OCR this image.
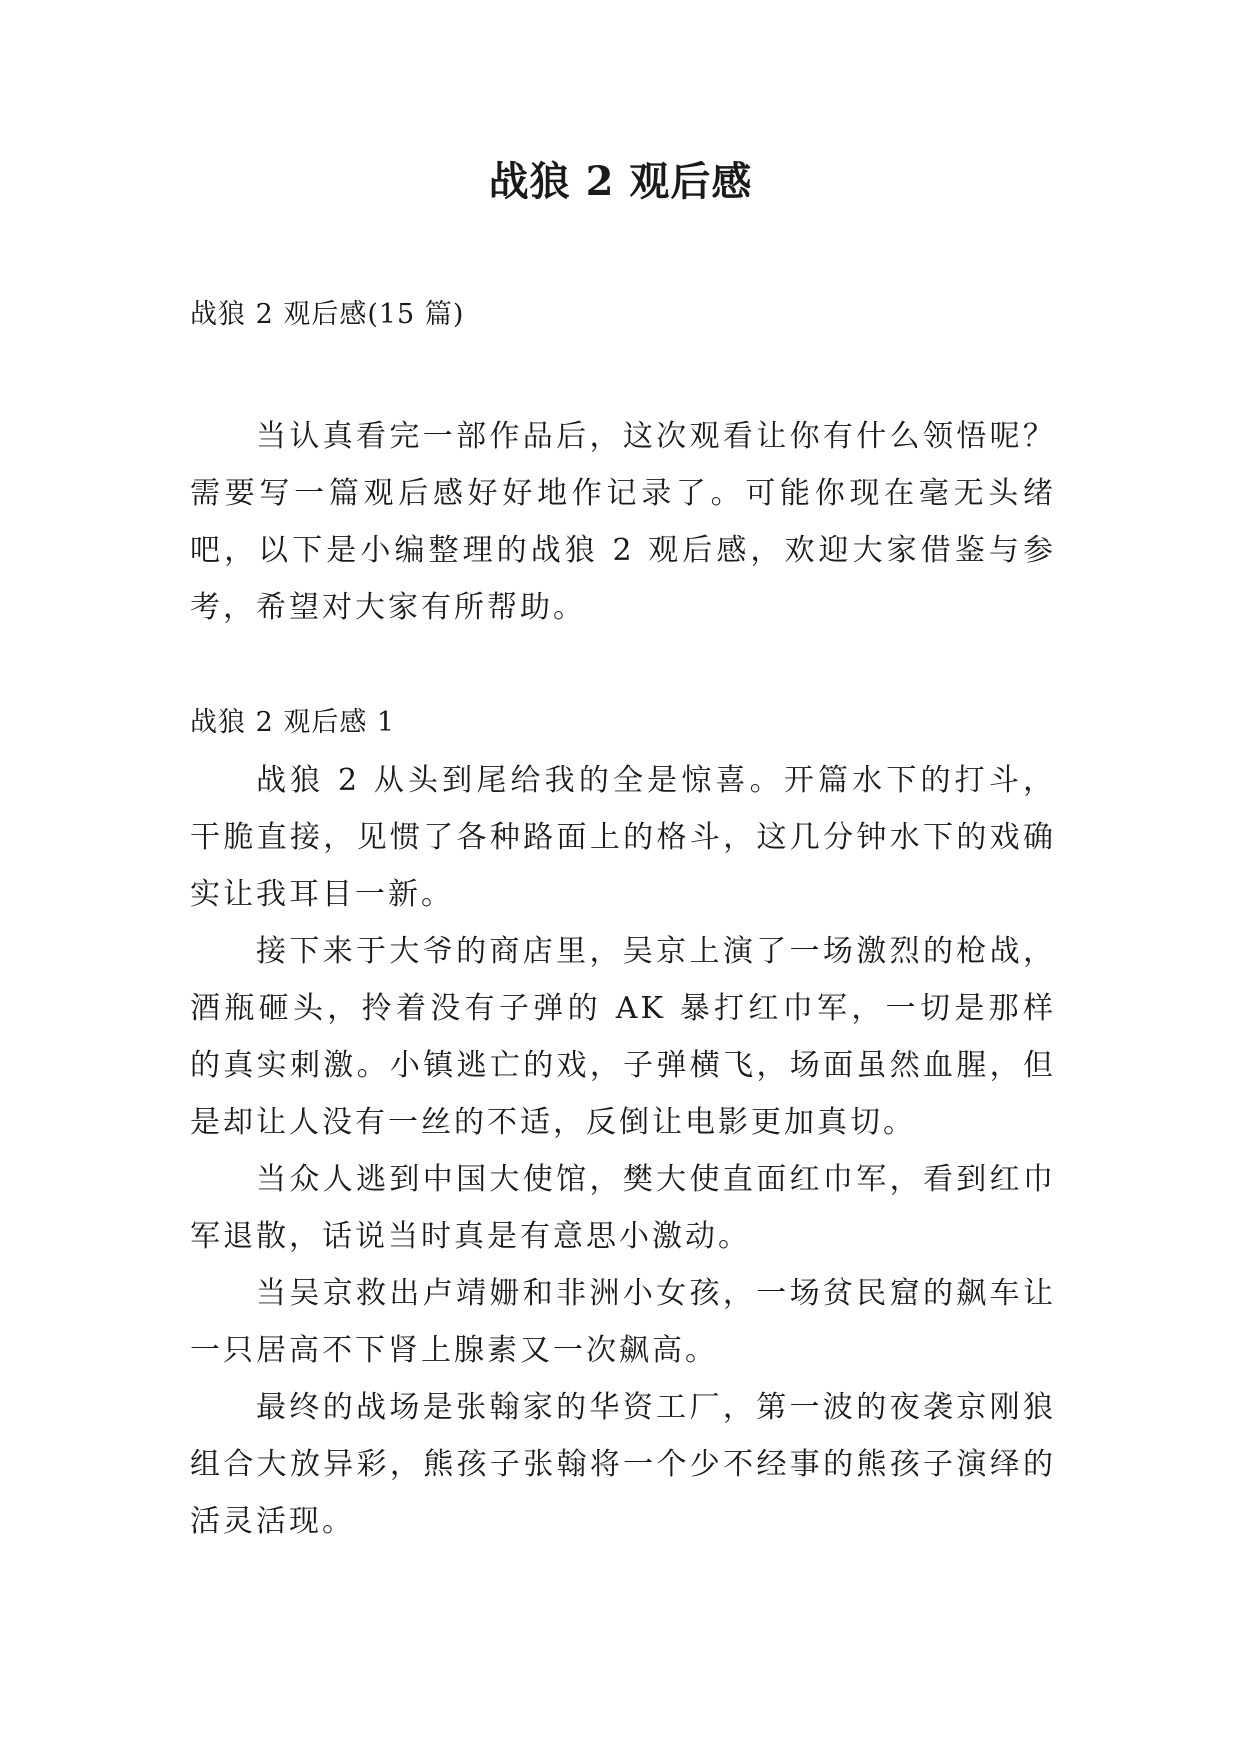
战狼 2 观后感
战狼 2 观后感(15 篇)

当认真看完一部作品后，这次观看让你有什么领悟呢？需要写一篇观后感好好地作记录了。可能你现在毫无头绪吧，以下是小编整理的战狼 2 观后感，欢迎大家借鉴与参考，希望对大家有所帮助。

战狼 2 观后感 1

战狼 2 从头到尾给我的全是惊喜。开篇水下的打斗，干脆直接，见惯了各种路面上的格斗，这几分钟水下的戏确实让我耳目一新。

接下来于大爷的商店里，吴京上演了一场激烈的枪战，酒瓶砸头，拎着没有子弹的 AK 暴打红巾军，一切是那样的真实刺激。小镇逃亡的戏，子弹横飞，场面虽然血腥，但是却让人没有一丝的不适，反倒让电影更加真切。

当众人逃到中国大使馆，樊大使直面红巾军，看到红巾军退散，话说当时真是有意思小激动。

当吴京救出卢靖姗和非洲小女孩，一场贫民窟的飙车让一只居高不下肾上腺素又一次飙高。

最终的战场是张翰家的华资工厂，第一波的夜袭京刚狼组合大放异彩，熊孩子张翰将一个少不经事的熊孩子演绎的活灵活现。
